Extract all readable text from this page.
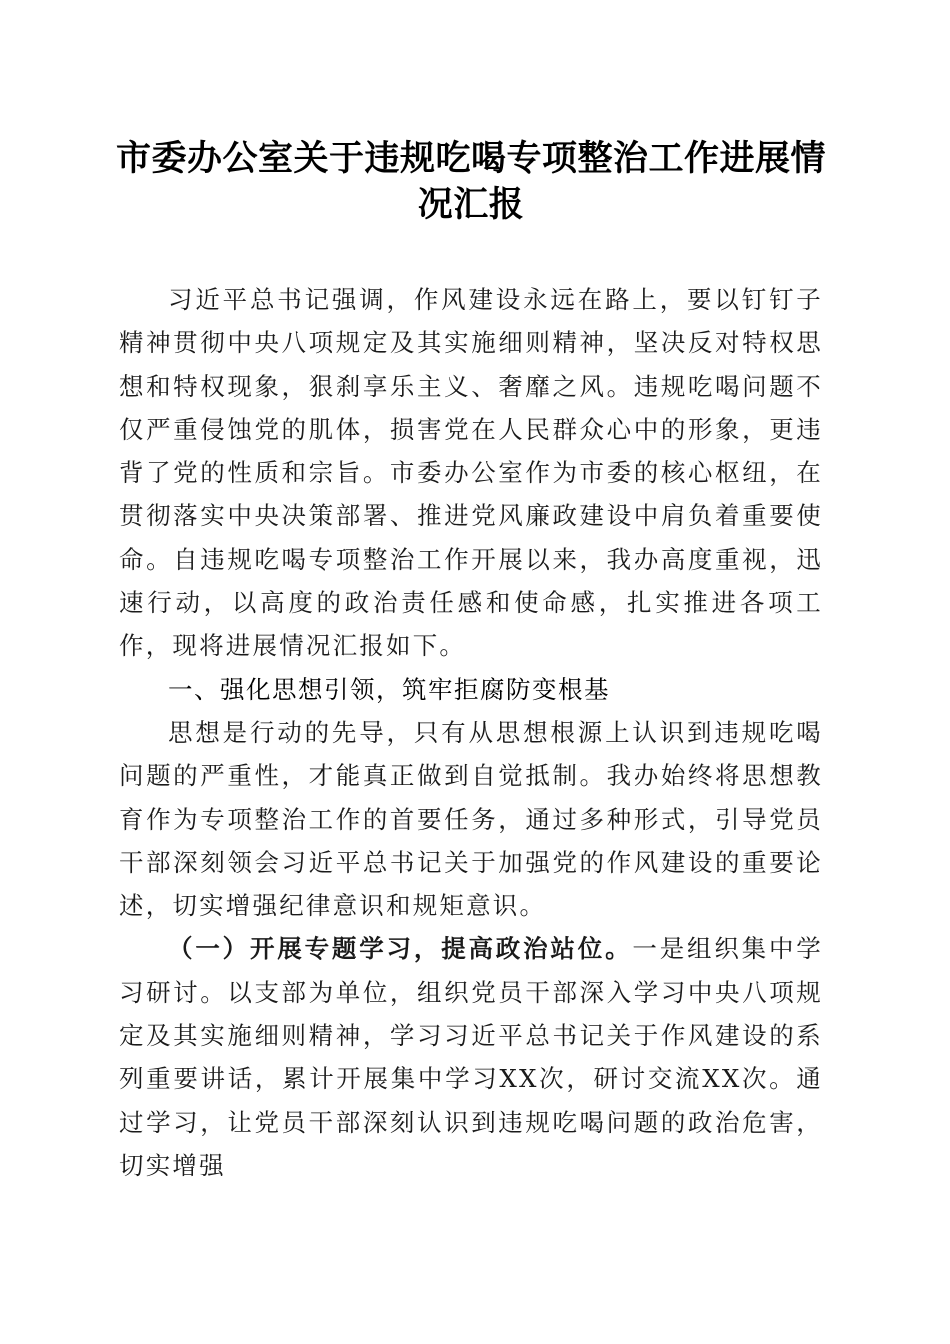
市委办公室关于违规吃喝专项整治工作进展情况汇报

习近平总书记强调，作风建设永远在路上，要以钉钉子精神贯彻中央八项规定及其实施细则精神，坚决反对特权思想和特权现象，狠刹享乐主义、奢靡之风。违规吃喝问题不仅严重侵蚀党的肌体，损害党在人民群众心中的形象，更违背了党的性质和宗旨。市委办公室作为市委的核心枢纽，在贯彻落实中央决策部署、推进党风廉政建设中肩负着重要使命。自违规吃喝专项整治工作开展以来，我办高度重视，迅速行动，以高度的政治责任感和使命感，扎实推进各项工作，现将进展情况汇报如下。

一、强化思想引领，筑牢拒腐防变根基

思想是行动的先导，只有从思想根源上认识到违规吃喝问题的严重性，才能真正做到自觉抵制。我办始终将思想教育作为专项整治工作的首要任务，通过多种形式，引导党员干部深刻领会习近平总书记关于加强党的作风建设的重要论述，切实增强纪律意识和规矩意识。

（一）开展专题学习，提高政治站位。一是组织集中学习研讨。以支部为单位，组织党员干部深入学习中央八项规定及其实施细则精神，学习习近平总书记关于作风建设的系列重要讲话，累计开展集中学习XX次，研讨交流XX次。通过学习，让党员干部深刻认识到违规吃喝问题的政治危害，切实增强
